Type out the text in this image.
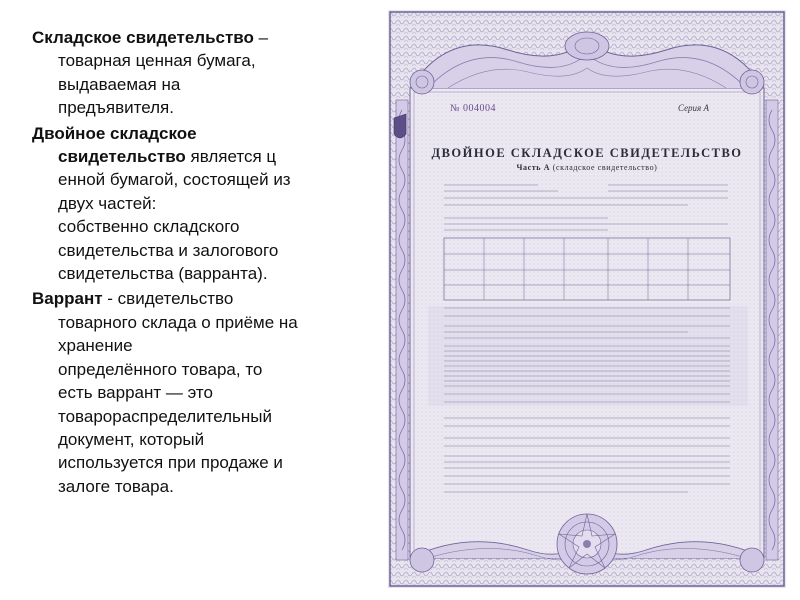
Складское свидетельство –
товарная ценная бумага,
выдаваемая на
предъявителя.
Двойное складское
свидетельство является ц
енной бумагой, состоящей из
двух частей:
собственно складского
свидетельства и залогового
свидетельства (варранта).
Варрант - свидетельство
товарного склада о приёме на
хранение
определённого товара, то
есть варрант — это
товарораспределительный
документ, который
используется при продаже и
залоге товара.
№ 004004	Серия А
ДВОЙНОЕ СКЛАДСКОЕ СВИДЕТЕЛЬСТВО
Часть А (складское свидетельство)
